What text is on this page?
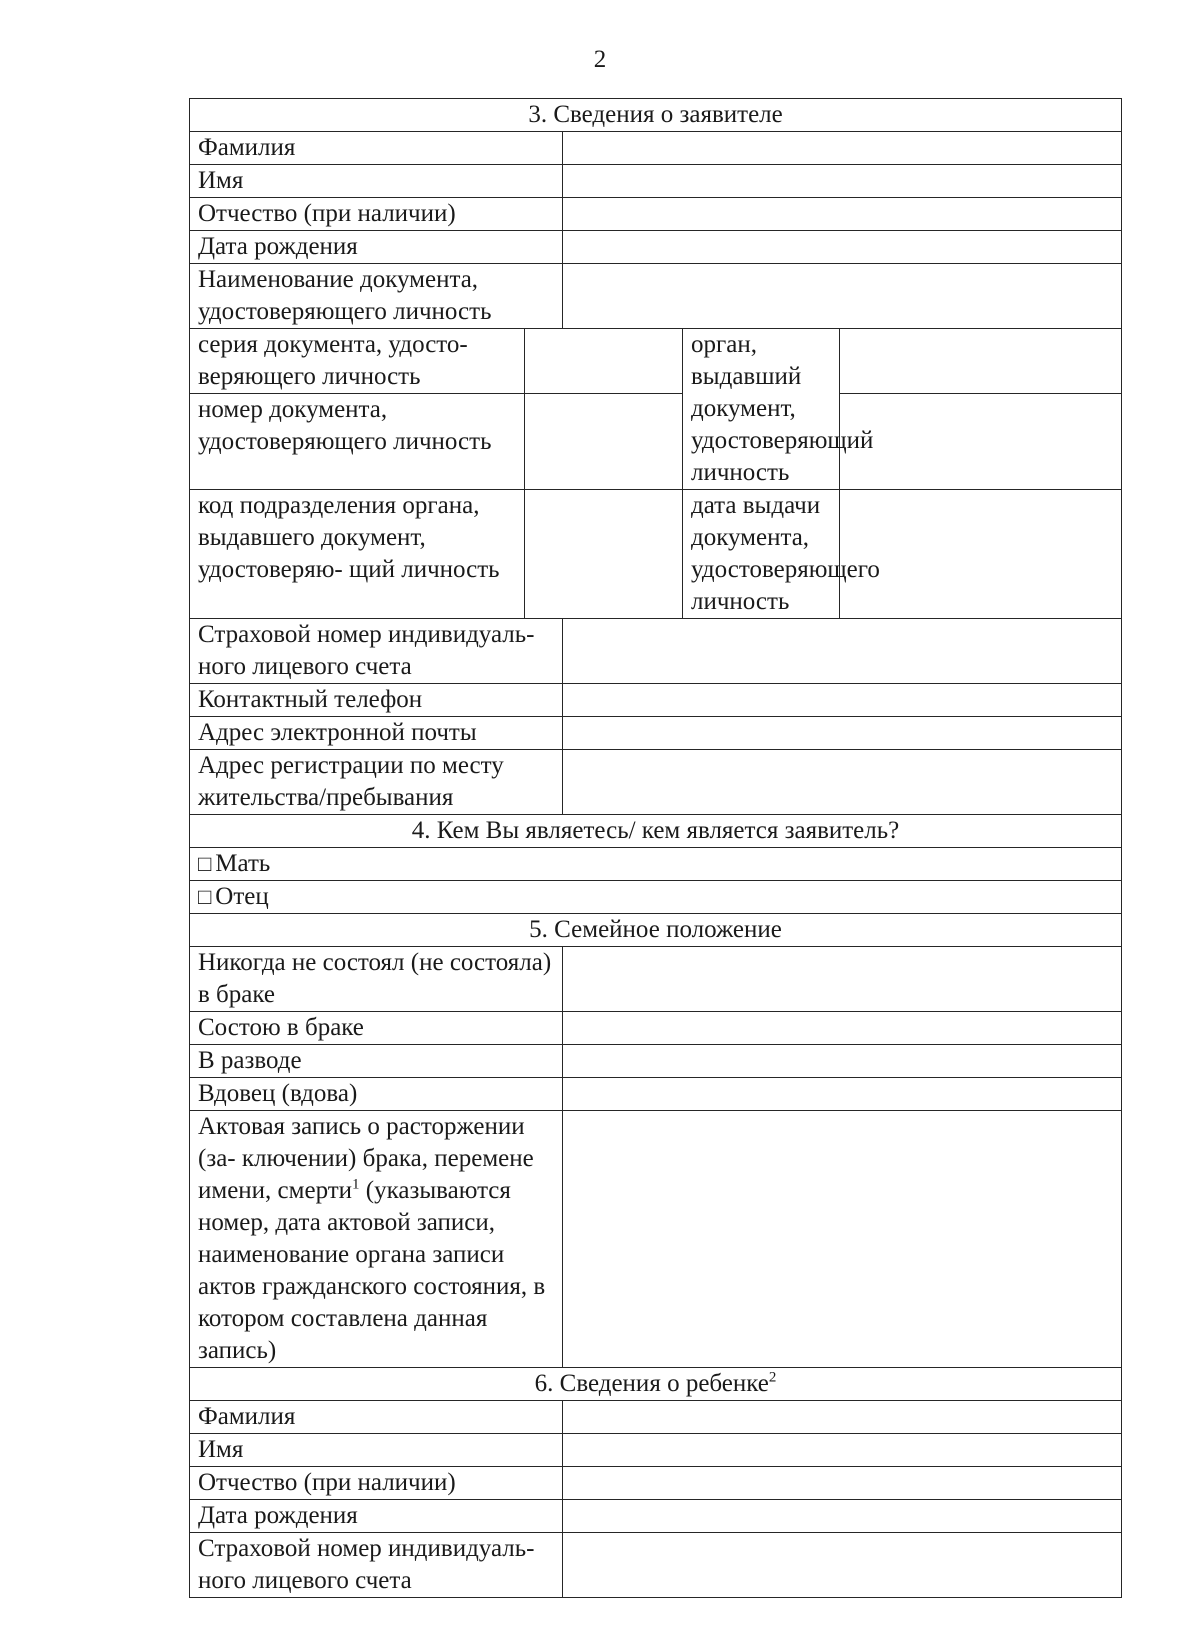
2
3. Сведения о заявителе				
Фамилия				
Имя				
Отчество (при наличии)				
Дата рождения				
Наименование документа, удостоверяющего личность				
серия документа, удосто- веряющего личность			орган, выдавший документ, удостоверяющий личность	
номер документа, удостоверяющего личность				
код подразделения органа, выдавшего документ, удостоверяю- щий личность			дата выдачи документа, удостоверяющего личность	
Страховой номер индивидуаль- ного лицевого счета				
Контактный телефон				
Адрес электронной почты				
Адрес регистрации по месту жительства/пребывания				
4. Кем Вы являетесь/ кем является заявитель?				
□ Мать				
□ Отец				
5. Семейное положение				
Никогда не состоял (не состояла) в браке				
Состою в браке				
В разводе				
Вдовец (вдова)				
Актовая запись о расторжении (за- ключении) брака, перемене имени, смерти$^1$ (указываются номер, дата актовой записи, наименование органа записи актов гражданского состояния, в котором составлена данная запись)				
6. Сведения о ребенке$^2$
Фамилия				
Имя				
Отчество (при наличии)				
Дата рождения				
Страховой номер индивидуаль- ного лицевого счета				
